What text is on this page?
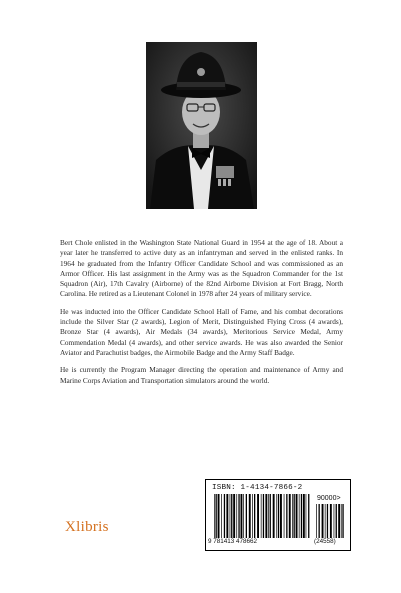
Bert Chole enlisted in the Washington State National Guard in 1954 at the age of 18. About a year later he transferred to active duty as an infantryman and served in the enlisted ranks. In 1964 he graduated from the Infantry Officer Candidate School and was commissioned as an Armor Officer. His last assignment in the Army was as the Squadron Commander for the 1st Squadron (Air), 17th Cavalry (Airborne) of the 82nd Airborne Division at Fort Bragg, North Carolina. He retired as a Lieutenant Colonel in 1978 after 24 years of military service.

He was inducted into the Officer Candidate School Hall of Fame, and his combat decorations include the Silver Star (2 awards), Legion of Merit, Distinguished Flying Cross (4 awards), Bronze Star (4 awards), Air Medals (34 awards), Meritorious Service Medal, Army Commendation Medal (4 awards), and other service awards. He was also awarded the Senior Aviator and Parachutist badges, the Airmobile Badge and the Army Staff Badge.

He is currently the Program Manager directing the operation and maintenance of Army and Marine Corps Aviation and Transportation simulators around the world.

ISBN: 1-4134-7866-2
90000>
9 781413 478662	(24558)
Xlibris
